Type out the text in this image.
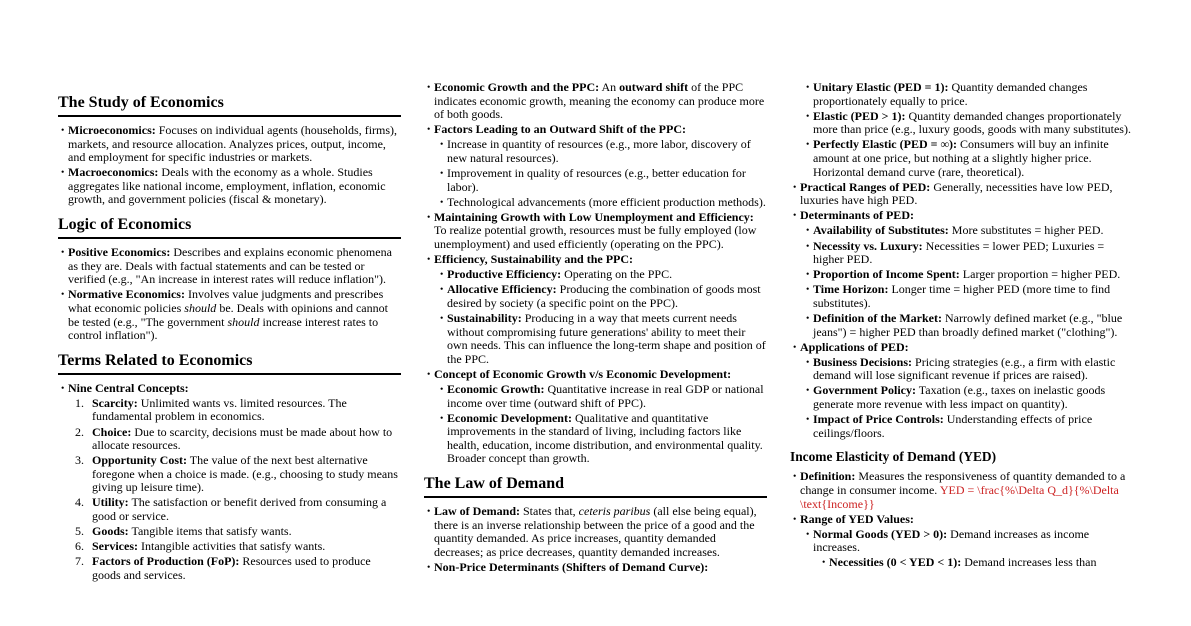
The Study of Economics
• Microeconomics: Focuses on individual agents (households, firms), markets, and resource allocation. Analyzes prices, output, income, and employment for specific industries or markets.
• Macroeconomics: Deals with the economy as a whole. Studies aggregates like national income, employment, inflation, economic growth, and government policies (fiscal & monetary).
Logic of Economics
• Positive Economics: Describes and explains economic phenomena as they are. Deals with factual statements and can be tested or verified (e.g., "An increase in interest rates will reduce inflation").
• Normative Economics: Involves value judgments and prescribes what economic policies should be. Deals with opinions and cannot be tested (e.g., "The government should increase interest rates to control inflation").
Terms Related to Economics
• Nine Central Concepts:
1. Scarcity: Unlimited wants vs. limited resources. The fundamental problem in economics.
2. Choice: Due to scarcity, decisions must be made about how to allocate resources.
3. Opportunity Cost: The value of the next best alternative foregone when a choice is made. (e.g., choosing to study means giving up leisure time).
4. Utility: The satisfaction or benefit derived from consuming a good or service.
5. Goods: Tangible items that satisfy wants.
6. Services: Intangible activities that satisfy wants.
7. Factors of Production (FoP): Resources used to produce goods and services.
• Economic Growth and the PPC: An outward shift of the PPC indicates economic growth, meaning the economy can produce more of both goods.
• Factors Leading to an Outward Shift of the PPC:
• Increase in quantity of resources (e.g., more labor, discovery of new natural resources).
• Improvement in quality of resources (e.g., better education for labor).
• Technological advancements (more efficient production methods).
• Maintaining Growth with Low Unemployment and Efficiency: To realize potential growth, resources must be fully employed (low unemployment) and used efficiently (operating on the PPC).
• Efficiency, Sustainability and the PPC:
• Productive Efficiency: Operating on the PPC.
• Allocative Efficiency: Producing the combination of goods most desired by society (a specific point on the PPC).
• Sustainability: Producing in a way that meets current needs without compromising future generations' ability to meet their own needs. This can influence the long-term shape and position of the PPC.
• Concept of Economic Growth v/s Economic Development:
• Economic Growth: Quantitative increase in real GDP or national income over time (outward shift of PPC).
• Economic Development: Qualitative and quantitative improvements in the standard of living, including factors like health, education, income distribution, and environmental quality. Broader concept than growth.
The Law of Demand
• Law of Demand: States that, ceteris paribus (all else being equal), there is an inverse relationship between the price of a good and the quantity demanded. As price increases, quantity demanded decreases; as price decreases, quantity demanded increases.
• Non-Price Determinants (Shifters of Demand Curve):
• Unitary Elastic (PED = 1): Quantity demanded changes proportionately equally to price.
• Elastic (PED > 1): Quantity demanded changes proportionately more than price (e.g., luxury goods, goods with many substitutes).
• Perfectly Elastic (PED = ∞): Consumers will buy an infinite amount at one price, but nothing at a slightly higher price. Horizontal demand curve (rare, theoretical).
• Practical Ranges of PED: Generally, necessities have low PED, luxuries have high PED.
• Determinants of PED:
• Availability of Substitutes: More substitutes = higher PED.
• Necessity vs. Luxury: Necessities = lower PED; Luxuries = higher PED.
• Proportion of Income Spent: Larger proportion = higher PED.
• Time Horizon: Longer time = higher PED (more time to find substitutes).
• Definition of the Market: Narrowly defined market (e.g., "blue jeans") = higher PED than broadly defined market ("clothing").
• Applications of PED:
• Business Decisions: Pricing strategies (e.g., a firm with elastic demand will lose significant revenue if prices are raised).
• Government Policy: Taxation (e.g., taxes on inelastic goods generate more revenue with less impact on quantity).
• Impact of Price Controls: Understanding effects of price ceilings/floors.
Income Elasticity of Demand (YED)
• Definition: Measures the responsiveness of quantity demanded to a change in consumer income. YED = \frac{%\Delta Q_d}{%\Delta \text{Income}}
• Range of YED Values:
• Normal Goods (YED > 0): Demand increases as income increases.
• Necessities (0 < YED < 1): Demand increases less than
